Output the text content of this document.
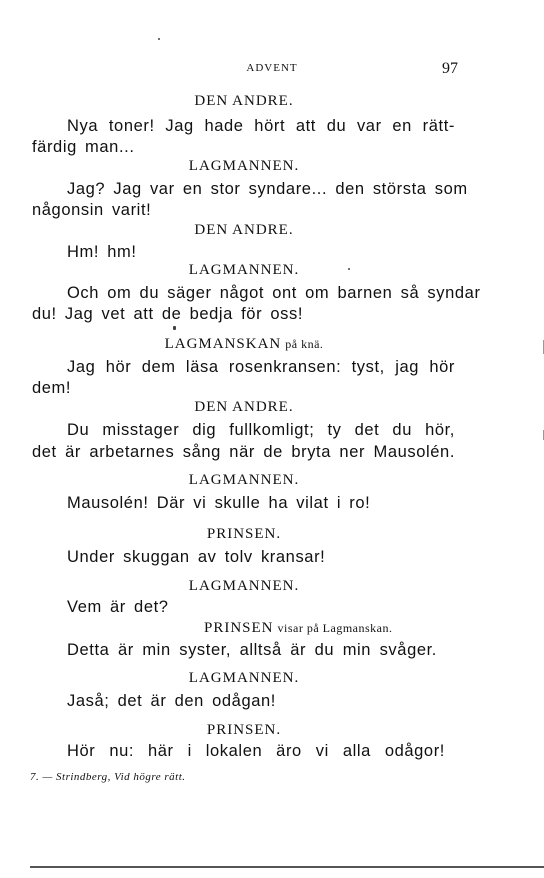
ADVENT	97
DEN ANDRE.
Nya toner! Jag hade hört att du var en rätt-
färdig man...
LAGMANNEN.
Jag? Jag var en stor syndare... den största som
någonsin varit!
DEN ANDRE.
Hm! hm!
LAGMANNEN.
Och om du säger något ont om barnen så syndar
du! Jag vet att de bedja för oss!
LAGMANSKAN på knä.
Jag hör dem läsa rosenkransen: tyst, jag hör
dem!
DEN ANDRE.
Du misstager dig fullkomligt; ty det du hör,
det är arbetarnes sång när de bryta ner Mausolén.
LAGMANNEN.
Mausolén! Där vi skulle ha vilat i ro!
PRINSEN.
Under skuggan av tolv kransar!
LAGMANNEN.
Vem är det?
PRINSEN visar på Lagmanskan.
Detta är min syster, alltså är du min svåger.
LAGMANNEN.
Jaså; det är den odågan!
PRINSEN.
Hör nu: här i lokalen äro vi alla odågor!
7. — Strindberg, Vid högre rätt.
